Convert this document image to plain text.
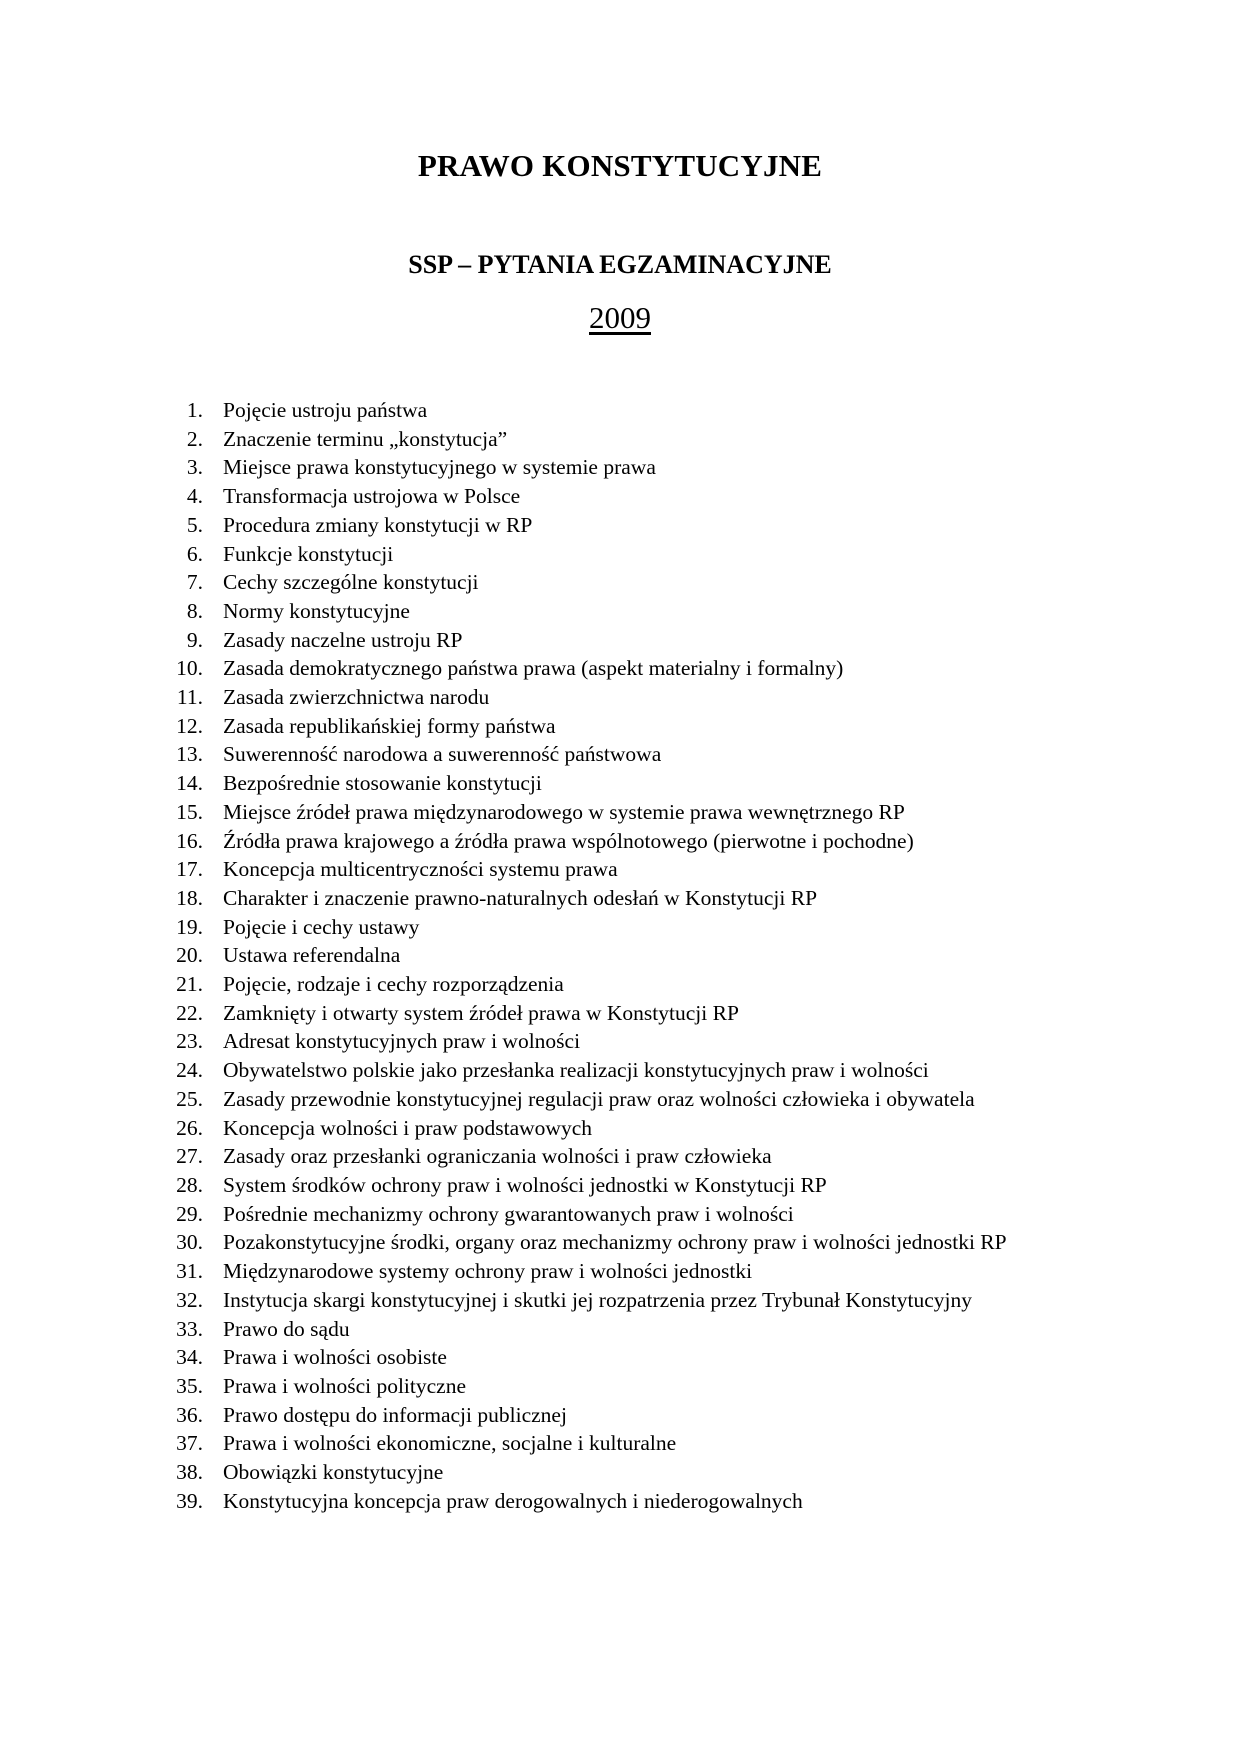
PRAWO KONSTYTUCYJNE
SSP – PYTANIA EGZAMINACYJNE
2009
1. Pojęcie ustroju państwa
2. Znaczenie terminu „konstytucja”
3. Miejsce prawa konstytucyjnego w systemie prawa
4. Transformacja ustrojowa w Polsce
5. Procedura zmiany konstytucji w RP
6. Funkcje konstytucji
7. Cechy szczególne konstytucji
8. Normy konstytucyjne
9. Zasady naczelne ustroju RP
10. Zasada demokratycznego państwa prawa (aspekt materialny i formalny)
11. Zasada zwierzchnictwa narodu
12. Zasada republikańskiej formy państwa
13. Suwerenność narodowa a suwerenność państwowa
14. Bezpośrednie stosowanie konstytucji
15. Miejsce źródeł prawa międzynarodowego w systemie prawa wewnętrznego RP
16. Źródła prawa krajowego a źródła prawa wspólnotowego (pierwotne i pochodne)
17. Koncepcja multicentryczności systemu prawa
18. Charakter i znaczenie prawno-naturalnych odesłań w Konstytucji RP
19. Pojęcie i cechy ustawy
20. Ustawa referendalna
21. Pojęcie, rodzaje i cechy rozporządzenia
22. Zamknięty i otwarty system źródeł prawa w Konstytucji RP
23. Adresat konstytucyjnych praw i wolności
24. Obywatelstwo polskie jako przesłanka realizacji konstytucyjnych praw i wolności
25. Zasady przewodnie konstytucyjnej regulacji praw oraz wolności człowieka i obywatela
26. Koncepcja wolności i praw podstawowych
27. Zasady oraz przesłanki ograniczania wolności i praw człowieka
28. System środków ochrony praw i wolności jednostki w Konstytucji RP
29. Pośrednie mechanizmy ochrony gwarantowanych praw i wolności
30. Pozakonstytucyjne środki, organy oraz mechanizmy ochrony praw i wolności jednostki RP
31. Międzynarodowe systemy ochrony praw i wolności jednostki
32. Instytucja skargi konstytucyjnej i skutki jej rozpatrzenia przez Trybunał Konstytucyjny
33. Prawo do sądu
34. Prawa i wolności osobiste
35. Prawa i wolności polityczne
36. Prawo dostępu do informacji publicznej
37. Prawa i wolności ekonomiczne, socjalne i kulturalne
38. Obowiązki konstytucyjne
39. Konstytucyjna koncepcja praw derogowalnych i niederogowalnych
